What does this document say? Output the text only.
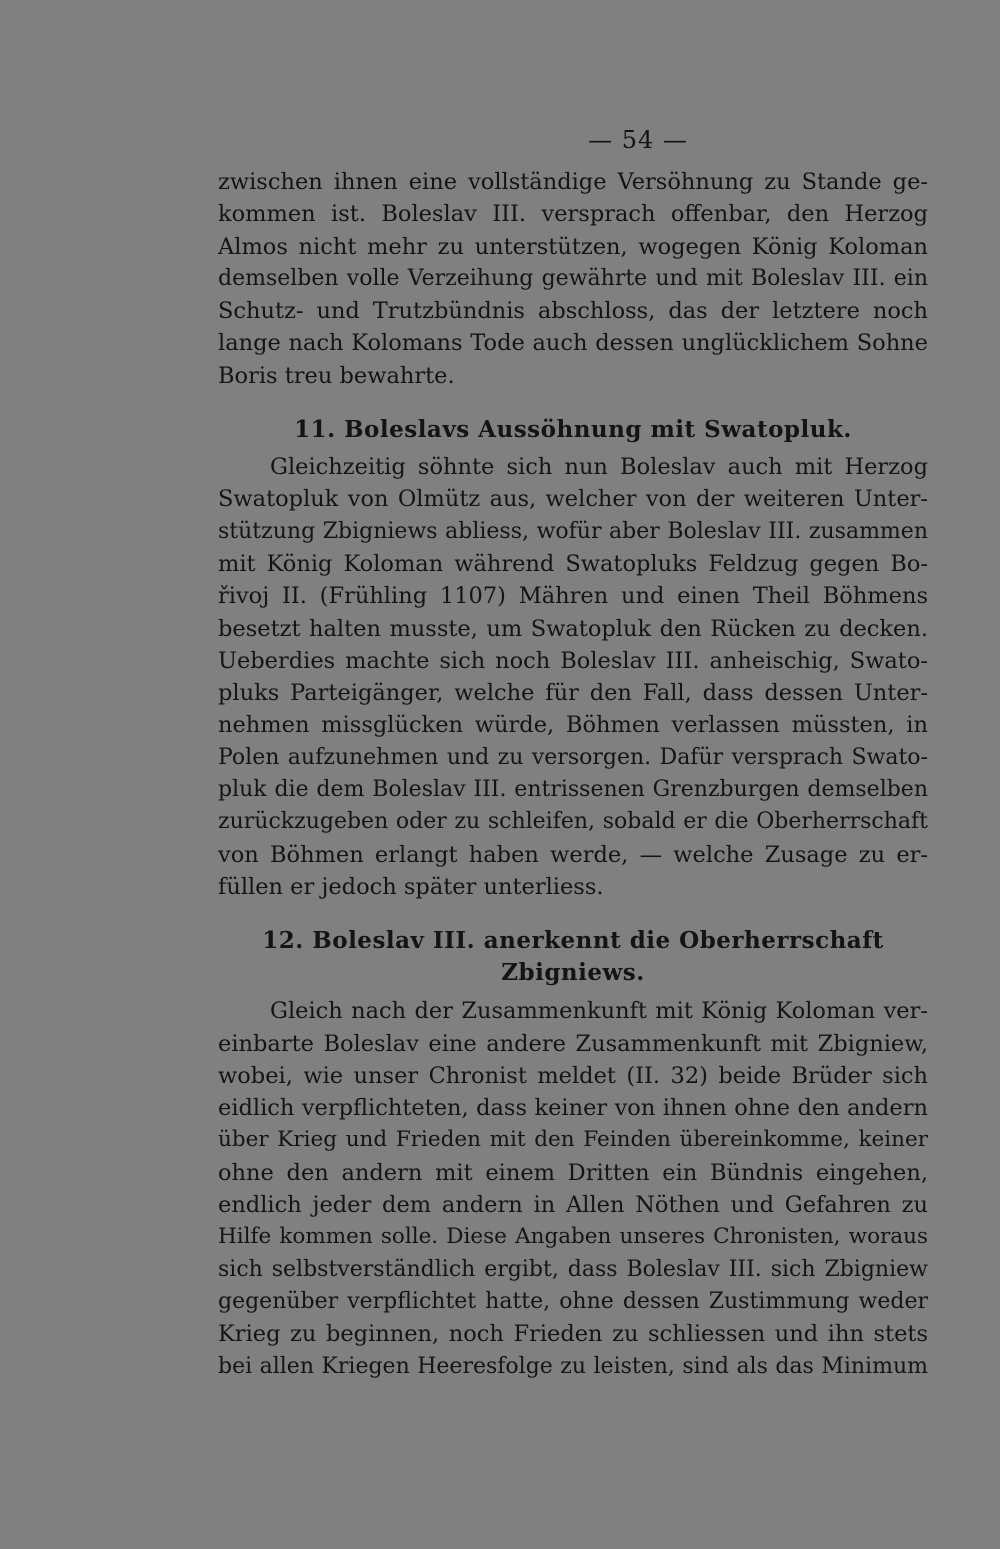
— 54 —

zwischen ihnen eine vollständige Versöhnung zu Stande ge-
kommen ist. Boleslav III. versprach offenbar, den Herzog
Almos nicht mehr zu unterstützen, wogegen König Koloman
demselben volle Verzeihung gewährte und mit Boleslav III. ein
Schutz- und Trutzbündnis abschloss, das der letztere noch
lange nach Kolomans Tode auch dessen unglücklichem Sohne
Boris treu bewahrte.

11. Boleslavs Aussöhnung mit Swatopluk.

Gleichzeitig söhnte sich nun Boleslav auch mit Herzog
Swatopluk von Olmütz aus, welcher von der weiteren Unter-
stützung Zbigniews abliess, wofür aber Boleslav III. zusammen
mit König Koloman während Swatopluks Feldzug gegen Bo-
řivoj II. (Frühling 1107) Mähren und einen Theil Böhmens
besetzt halten musste, um Swatopluk den Rücken zu decken.
Ueberdies machte sich noch Boleslav III. anheischig, Swato-
pluks Parteigänger, welche für den Fall, dass dessen Unter-
nehmen missglücken würde, Böhmen verlassen müssten, in
Polen aufzunehmen und zu versorgen. Dafür versprach Swato-
pluk die dem Boleslav III. entrissenen Grenzburgen demselben
zurückzugeben oder zu schleifen, sobald er die Oberherrschaft
von Böhmen erlangt haben werde, — welche Zusage zu er-
füllen er jedoch später unterliess.

12. Boleslav III. anerkennt die Oberherrschaft
Zbigniews.

Gleich nach der Zusammenkunft mit König Koloman ver-
einbarte Boleslav eine andere Zusammenkunft mit Zbigniew,
wobei, wie unser Chronist meldet (II. 32) beide Brüder sich
eidlich verpflichteten, dass keiner von ihnen ohne den andern
über Krieg und Frieden mit den Feinden übereinkomme, keiner
ohne den andern mit einem Dritten ein Bündnis eingehen,
endlich jeder dem andern in Allen Nöthen und Gefahren zu
Hilfe kommen solle. Diese Angaben unseres Chronisten, woraus
sich selbstverständlich ergibt, dass Boleslav III. sich Zbigniew
gegenüber verpflichtet hatte, ohne dessen Zustimmung weder
Krieg zu beginnen, noch Frieden zu schliessen und ihn stets
bei allen Kriegen Heeresfolge zu leisten, sind als das Minimum
